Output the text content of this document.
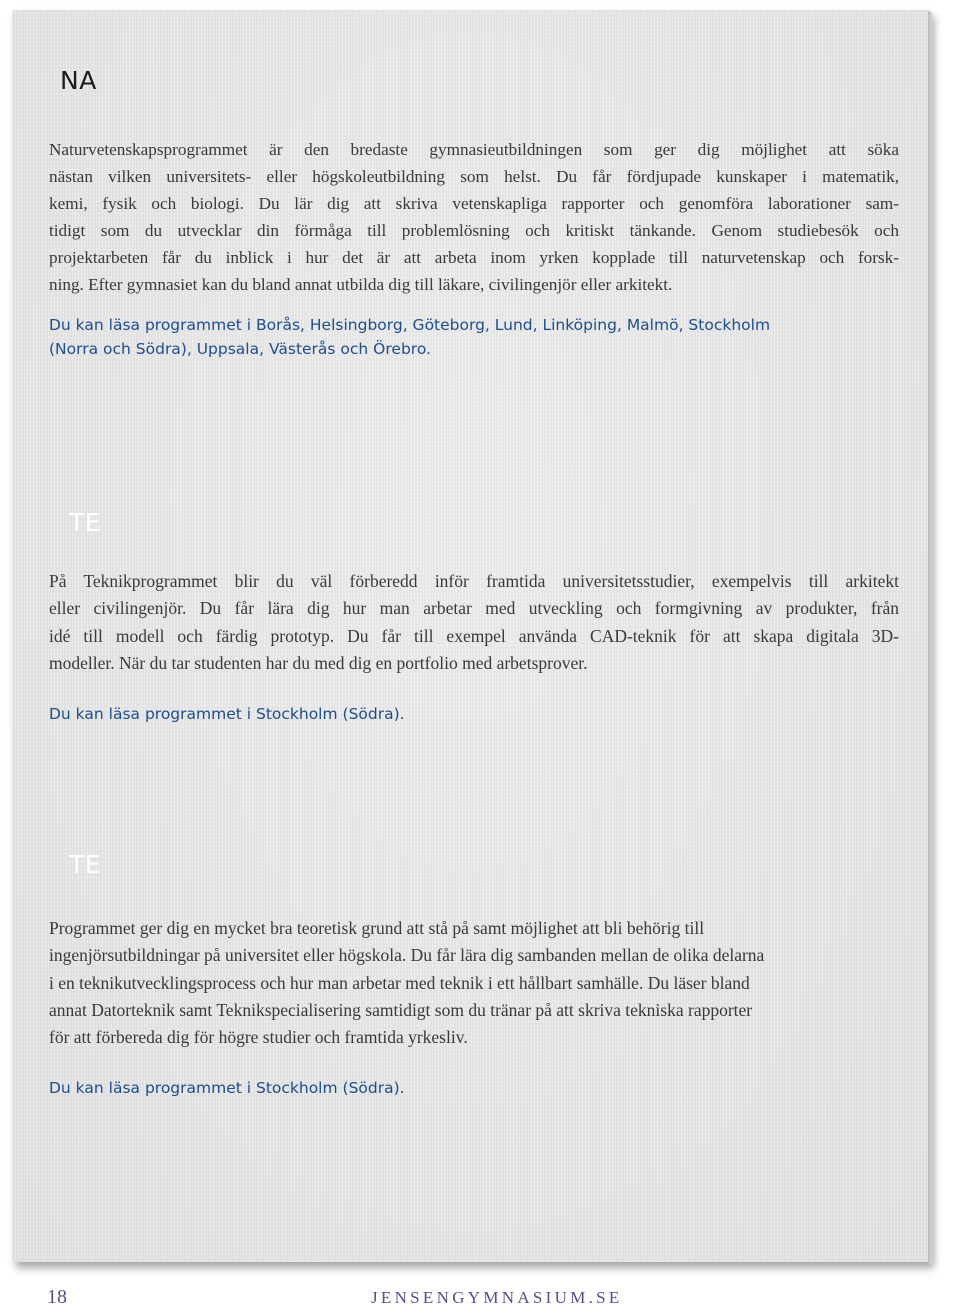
NA

Naturvetenskapsprogrammet är den bredaste gymnasieutbildningen som ger dig möjlighet att söka
nästan vilken universitets- eller högskoleutbildning som helst. Du får fördjupade kunskaper i matematik,
kemi, fysik och biologi. Du lär dig att skriva vetenskapliga rapporter och genomföra laborationer sam-
tidigt som du utvecklar din förmåga till problemlösning och kritiskt tänkande. Genom studiebesök och
projektarbeten får du inblick i hur det är att arbeta inom yrken kopplade till naturvetenskap och forsk-
ning. Efter gymnasiet kan du bland annat utbilda dig till läkare, civilingenjör eller arkitekt.

Du kan läsa programmet i Borås, Helsingborg, Göteborg, Lund, Linköping, Malmö, Stockholm
(Norra och Södra), Uppsala, Västerås och Örebro.

TE

På Teknikprogrammet blir du väl förberedd inför framtida universitetsstudier, exempelvis till arkitekt
eller civilingenjör. Du får lära dig hur man arbetar med utveckling och formgivning av produkter, från
idé till modell och färdig prototyp. Du får till exempel använda CAD-teknik för att skapa digitala 3D-
modeller. När du tar studenten har du med dig en portfolio med arbetsprover.

Du kan läsa programmet i Stockholm (Södra).

TE

Programmet ger dig en mycket bra teoretisk grund att stå på samt möjlighet att bli behörig till
ingenjörsutbildningar på universitet eller högskola. Du får lära dig sambanden mellan de olika delarna
i en teknikutvecklingsprocess och hur man arbetar med teknik i ett hållbart samhälle. Du läser bland
annat Datorteknik samt Teknikspecialisering samtidigt som du tränar på att skriva tekniska rapporter
för att förbereda dig för högre studier och framtida yrkesliv.

Du kan läsa programmet i Stockholm (Södra).

18	JENSENGYMNASIUM.SE
